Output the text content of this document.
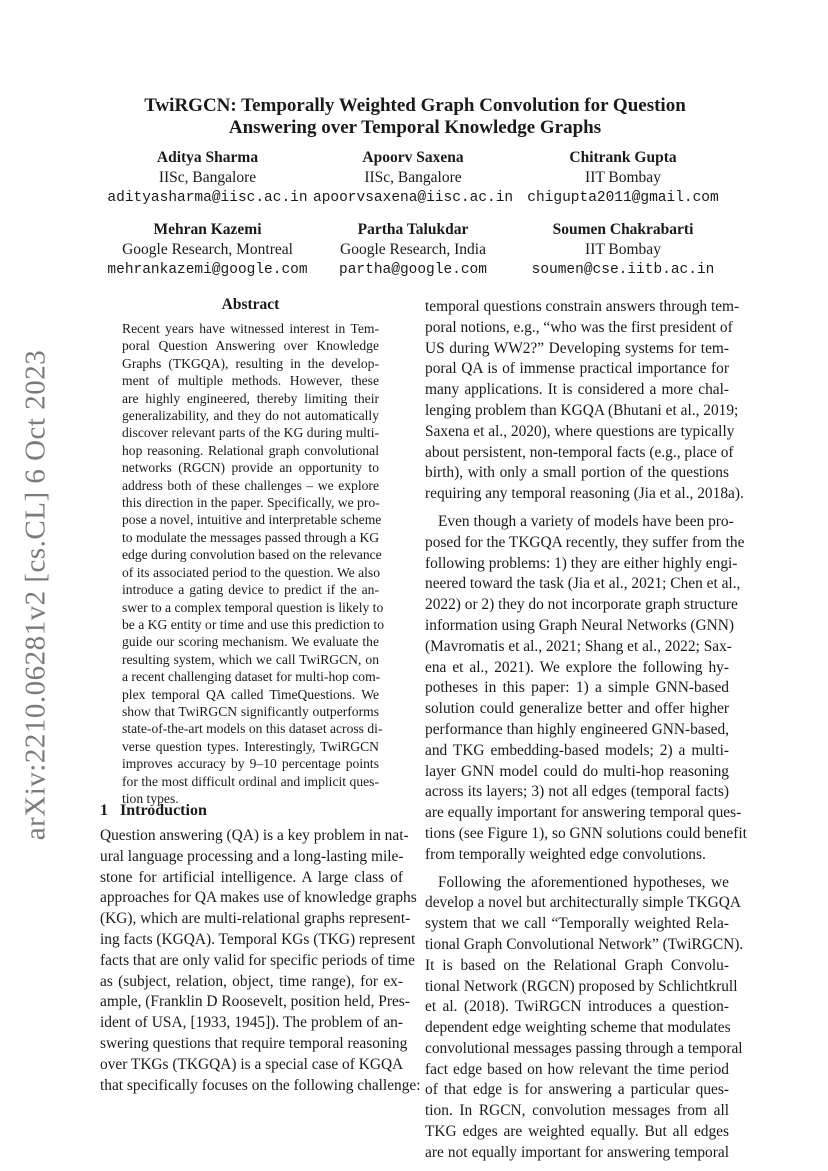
arXiv:2210.06281v2 [cs.CL] 6 Oct 2023
TwiRGCN: Temporally Weighted Graph Convolution for Question
Answering over Temporal Knowledge Graphs
Aditya Sharma
IISc, Bangalore
adityasharma@iisc.ac.in
Apoorv Saxena
IISc, Bangalore
apoorvsaxena@iisc.ac.in
Chitrank Gupta
IIT Bombay
chigupta2011@gmail.com
Mehran Kazemi
Google Research, Montreal
mehrankazemi@google.com
Partha Talukdar
Google Research, India
partha@google.com
Soumen Chakrabarti
IIT Bombay
soumen@cse.iitb.ac.in
Abstract
Recent years have witnessed interest in Tem-
poral Question Answering over Knowledge
Graphs (TKGQA), resulting in the develop-
ment of multiple methods. However, these
are highly engineered, thereby limiting their
generalizability, and they do not automatically
discover relevant parts of the KG during multi-
hop reasoning. Relational graph convolutional
networks (RGCN) provide an opportunity to
address both of these challenges – we explore
this direction in the paper. Specifically, we pro-
pose a novel, intuitive and interpretable scheme
to modulate the messages passed through a KG
edge during convolution based on the relevance
of its associated period to the question. We also
introduce a gating device to predict if the an-
swer to a complex temporal question is likely to
be a KG entity or time and use this prediction to
guide our scoring mechanism. We evaluate the
resulting system, which we call TwiRGCN, on
a recent challenging dataset for multi-hop com-
plex temporal QA called TimeQuestions. We
show that TwiRGCN significantly outperforms
state-of-the-art models on this dataset across di-
verse question types. Interestingly, TwiRGCN
improves accuracy by 9–10 percentage points
for the most difficult ordinal and implicit ques-
tion types.
1 Introduction
Question answering (QA) is a key problem in nat-
ural language processing and a long-lasting mile-
stone for artificial intelligence. A large class of
approaches for QA makes use of knowledge graphs
(KG), which are multi-relational graphs represent-
ing facts (KGQA). Temporal KGs (TKG) represent
facts that are only valid for specific periods of time
as (subject, relation, object, time range), for ex-
ample, (Franklin D Roosevelt, position held, Pres-
ident of USA, [1933, 1945]). The problem of an-
swering questions that require temporal reasoning
over TKGs (TKGQA) is a special case of KGQA
that specifically focuses on the following challenge:
temporal questions constrain answers through tem-
poral notions, e.g., “who was the first president of
US during WW2?” Developing systems for tem-
poral QA is of immense practical importance for
many applications. It is considered a more chal-
lenging problem than KGQA (Bhutani et al., 2019;
Saxena et al., 2020), where questions are typically
about persistent, non-temporal facts (e.g., place of
birth), with only a small portion of the questions
requiring any temporal reasoning (Jia et al., 2018a).
Even though a variety of models have been pro-
posed for the TKGQA recently, they suffer from the
following problems: 1) they are either highly engi-
neered toward the task (Jia et al., 2021; Chen et al.,
2022) or 2) they do not incorporate graph structure
information using Graph Neural Networks (GNN)
(Mavromatis et al., 2021; Shang et al., 2022; Sax-
ena et al., 2021). We explore the following hy-
potheses in this paper: 1) a simple GNN-based
solution could generalize better and offer higher
performance than highly engineered GNN-based,
and TKG embedding-based models; 2) a multi-
layer GNN model could do multi-hop reasoning
across its layers; 3) not all edges (temporal facts)
are equally important for answering temporal ques-
tions (see Figure 1), so GNN solutions could benefit
from temporally weighted edge convolutions.
Following the aforementioned hypotheses, we
develop a novel but architecturally simple TKGQA
system that we call “Temporally weighted Rela-
tional Graph Convolutional Network” (TwiRGCN).
It is based on the Relational Graph Convolu-
tional Network (RGCN) proposed by Schlichtkrull
et al. (2018). TwiRGCN introduces a question-
dependent edge weighting scheme that modulates
convolutional messages passing through a temporal
fact edge based on how relevant the time period
of that edge is for answering a particular ques-
tion. In RGCN, convolution messages from all
TKG edges are weighted equally. But all edges
are not equally important for answering temporal
